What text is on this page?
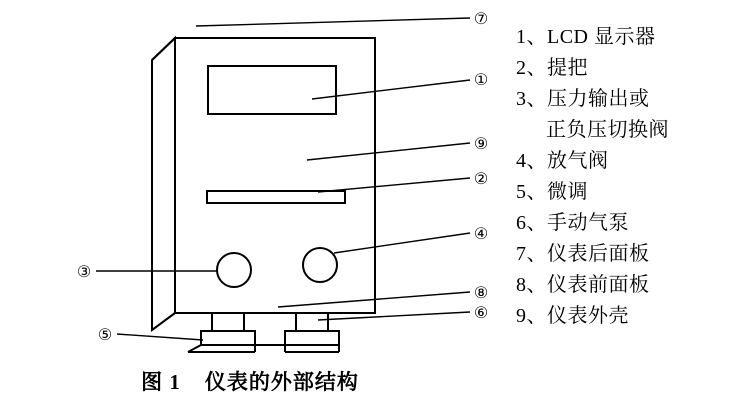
⑦
①
⑨
②
④
③
⑧
⑥
⑤
1、LCD 显示器
2、提把
3、压力输出或
正负压切换阀
4、放气阀
5、微调
6、手动气泵
7、仪表后面板
8、仪表前面板
9、仪表外壳
图 1 仪表的外部结构
